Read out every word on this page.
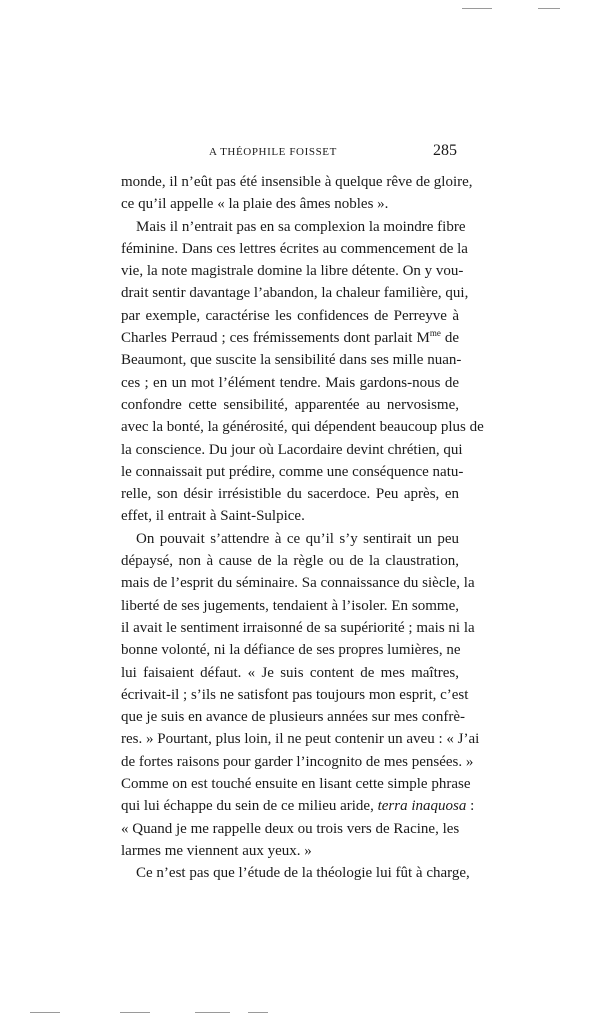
A THÉOPHILE FOISSET	285
monde, il n’eût pas été insensible à quelque rêve de gloire,
ce qu’il appelle « la plaie des âmes nobles ».
Mais il n’entrait pas en sa complexion la moindre fibre
féminine. Dans ces lettres écrites au commencement de la
vie, la note magistrale domine la libre détente. On y vou-
drait sentir davantage l’abandon, la chaleur familière, qui,
par exemple, caractérise les confidences de Perreyve à
Charles Perraud ; ces frémissements dont parlait $M^{me}$ de
Beaumont, que suscite la sensibilité dans ses mille nuan-
ces ; en un mot l’élément tendre. Mais gardons-nous de
confondre cette sensibilité, apparentée au nervosisme,
avec la bonté, la générosité, qui dépendent beaucoup plus de
la conscience. Du jour où Lacordaire devint chrétien, qui
le connaissait put prédire, comme une conséquence natu-
relle, son désir irrésistible du sacerdoce. Peu après, en
effet, il entrait à Saint-Sulpice.
On pouvait s’attendre à ce qu’il s’y sentirait un peu
dépaysé, non à cause de la règle ou de la claustration,
mais de l’esprit du séminaire. Sa connaissance du siècle, la
liberté de ses jugements, tendaient à l’isoler. En somme,
il avait le sentiment irraisonné de sa supériorité ; mais ni la
bonne volonté, ni la défiance de ses propres lumières, ne
lui faisaient défaut. « Je suis content de mes maîtres,
écrivait-il ; s’ils ne satisfont pas toujours mon esprit, c’est
que je suis en avance de plusieurs années sur mes confrè-
res. » Pourtant, plus loin, il ne peut contenir un aveu : « J’ai
de fortes raisons pour garder l’incognito de mes pensées. »
Comme on est touché ensuite en lisant cette simple phrase
qui lui échappe du sein de ce milieu aride, terra inaquosa :
« Quand je me rappelle deux ou trois vers de Racine, les
larmes me viennent aux yeux. »
Ce n’est pas que l’étude de la théologie lui fût à charge,
